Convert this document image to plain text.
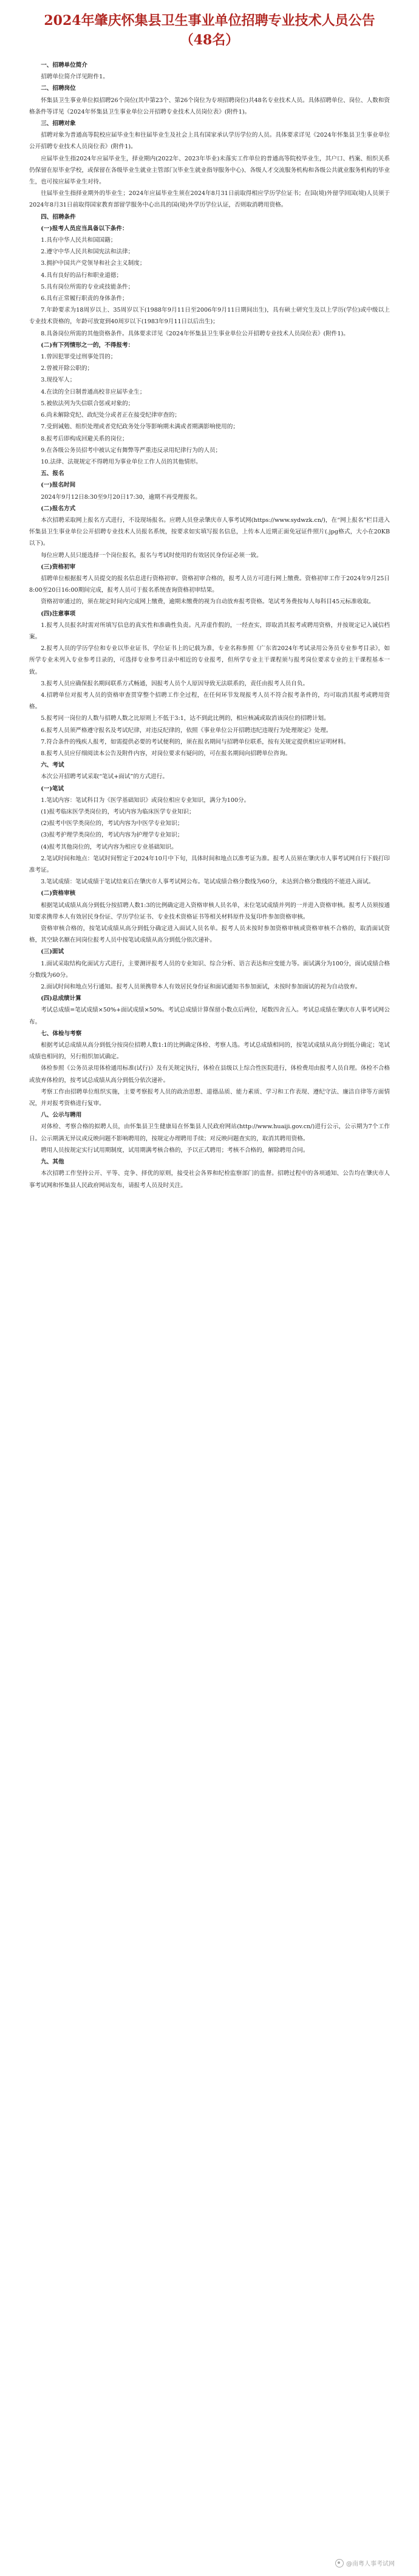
2024年肇庆怀集县卫生事业单位招聘专业技术人员公告（48名）

一、招聘单位简介

招聘单位简介详见附件1。

二、招聘岗位

怀集县卫生事业单位拟招聘26个岗位(其中第23个、第26个岗位为专项招聘岗位)共48名专业技术人员。具体招聘单位、岗位、人数和资格条件等详见《2024年怀集县卫生事业单位公开招聘专业技术人员岗位表》(附件1)。

三、招聘对象

招聘对象为普通高等院校应届毕业生和往届毕业生及社会上具有国家承认学历学位的人员。具体要求详见《2024年怀集县卫生事业单位公开招聘专业技术人员岗位表》(附件1)。

应届毕业生指2024年应届毕业生，择业期内(2022年、2023年毕业)未落实工作单位的普通高等院校毕业生，其户口、档案、组织关系仍保留在原毕业学校，或保留在各级毕业生就业主管部门(毕业生就业指导服务中心)、各级人才交流服务机构和各级公共就业服务机构的毕业生，也可按应届毕业生对待。

往届毕业生指择业期外的毕业生；2024年应届毕业生须在2024年8月31日前取得相应学历学位证书；在国(境)外留学回国(境)人员须于2024年8月31日前取得国家教育部留学服务中心出具的国(境)外学历学位认证，否则取消聘用资格。

四、招聘条件

(一)报考人员应当具备以下条件：

1.具有中华人民共和国国籍；

2.遵守中华人民共和国宪法和法律；

3.拥护中国共产党领导和社会主义制度；

4.具有良好的品行和职业道德；

5.具有岗位所需的专业或技能条件；

6.具有正常履行职责的身体条件；

7.年龄要求为18周岁以上、35周岁以下(1988年9月11日至2006年9月11日期间出生)，具有硕士研究生及以上学历(学位)或中级以上专业技术资格的，年龄可放宽到40周岁以下(1983年9月11日以后出生)；

8.具备岗位所需的其他资格条件。具体要求详见《2024年怀集县卫生事业单位公开招聘专业技术人员岗位表》(附件1)。

(二)有下列情形之一的，不得报考：

1.曾因犯罪受过刑事处罚的；

2.曾被开除公职的；

3.现役军人；

4.在读的全日制普通高校非应届毕业生；

5.被依法列为失信联合惩戒对象的；

6.尚未解除党纪、政纪处分或者正在接受纪律审查的；

7.受到诫勉、组织处理或者党纪政务处分等影响期未满或者期满影响使用的；

8.报考后即构成回避关系的岗位；

9.在各级公务员招考中被认定有舞弊等严重违反录用纪律行为的人员；

10.法律、法规规定不得聘用为事业单位工作人员的其他情形。

五、报名

(一)报名时间

2024年9月12日8:30至9月20日17:30，逾期不再受理报名。

(二)报名方式

本次招聘采取网上报名方式进行，不设现场报名。应聘人员登录肇庆市人事考试网(https://www.sydwzk.cn/)，在“网上报名”栏目进入怀集县卫生事业单位公开招聘专业技术人员报名系统，按要求如实填写报名信息，上传本人近期正面免冠证件照片(.jpg格式，大小在20KB以下)。

每位应聘人员只能选择一个岗位报名，报名与考试时使用的有效居民身份证必须一致。

(三)资格初审

招聘单位根据报考人员提交的报名信息进行资格初审。资格初审合格的，报考人员方可进行网上缴费。资格初审工作于2024年9月25日8:00至20日16:00期间完成，报考人员可于报名系统查询资格初审结果。

资格初审通过的，须在规定时间内完成网上缴费，逾期未缴费的视为自动放弃报考资格。笔试考务费按每人每科目45元标准收取。

(四)注意事项

1.报考人员报名时需对所填写信息的真实性和准确性负责。凡弄虚作假的，一经查实，即取消其报考或聘用资格，并按规定记入诚信档案。

2.报考人员的学历学位和专业以毕业证书、学位证书上的记载为准，专业名称参照《广东省2024年考试录用公务员专业参考目录》，如所学专业未列入专业参考目录的，可选择专业参考目录中相近的专业报考，但所学专业主干课程须与报考岗位要求专业的主干课程基本一致。

3.报考人员应确保报名期间联系方式畅通，因报考人员个人原因导致无法联系的，责任由报考人员自负。

4.招聘单位对报考人员的资格审查贯穿整个招聘工作全过程，在任何环节发现报考人员不符合报考条件的，均可取消其报考或聘用资格。

5.报考同一岗位的人数与招聘人数之比原则上不低于3:1，达不到此比例的，相应核减或取消该岗位的招聘计划。

6.报考人员须严格遵守报名及考试纪律，对违反纪律的，依照《事业单位公开招聘违纪违规行为处理规定》处理。

7.符合条件的残疾人报考，如需提供必要的考试便利的，须在报名期间与招聘单位联系，按有关规定提供相应证明材料。

8.报考人员应仔细阅读本公告及附件内容，对岗位要求有疑问的，可在报名期间向招聘单位咨询。

六、考试

本次公开招聘考试采取“笔试+面试”的方式进行。

(一)笔试

1.笔试内容：笔试科目为《医学基础知识》或岗位相应专业知识，满分为100分。

(1)报考临床医学类岗位的，考试内容为临床医学专业知识；

(2)报考中医学类岗位的，考试内容为中医学专业知识；

(3)报考护理学类岗位的，考试内容为护理学专业知识；

(4)报考其他岗位的，考试内容为相应专业基础知识。

2.笔试时间和地点：笔试时间暂定于2024年10月中下旬，具体时间和地点以准考证为准。报考人员须在肇庆市人事考试网自行下载打印准考证。

3.笔试成绩：笔试成绩于笔试结束后在肇庆市人事考试网公布。笔试成绩合格分数线为60分，未达到合格分数线的不能进入面试。

(二)资格审核

根据笔试成绩从高分到低分按招聘人数1:3的比例确定进入资格审核人员名单，末位笔试成绩并列的一并进入资格审核。报考人员须按通知要求携带本人有效居民身份证、学历学位证书、专业技术资格证书等相关材料原件及复印件参加资格审核。

资格审核合格的，按笔试成绩从高分到低分确定进入面试人员名单。报考人员未按时参加资格审核或资格审核不合格的，取消面试资格，其空缺名额在同岗位报考人员中按笔试成绩从高分到低分依次递补。

(三)面试

1.面试采取结构化面试方式进行，主要测评报考人员的专业知识、综合分析、语言表达和应变能力等。面试满分为100分，面试成绩合格分数线为60分。

2.面试时间和地点另行通知。报考人员须携带本人有效居民身份证和面试通知书参加面试，未按时参加面试的视为自动放弃。

(四)总成绩计算

考试总成绩=笔试成绩×50%+面试成绩×50%。考试总成绩计算保留小数点后两位，尾数四舍五入。考试总成绩在肇庆市人事考试网公布。

七、体检与考察

根据考试总成绩从高分到低分按岗位招聘人数1:1的比例确定体检、考察人选。考试总成绩相同的，按笔试成绩从高分到低分确定；笔试成绩也相同的，另行组织加试确定。

体检参照《公务员录用体检通用标准(试行)》及有关规定执行，体检在县级以上综合性医院进行，体检费用由报考人员自理。体检不合格或放弃体检的，按考试总成绩从高分到低分依次递补。

考察工作由招聘单位组织实施，主要考察报考人员的政治思想、道德品质、能力素质、学习和工作表现、遵纪守法、廉洁自律等方面情况，并对报考资格进行复审。

八、公示与聘用

对体检、考察合格的拟聘人员，由怀集县卫生健康局在怀集县人民政府网站(http://www.huaiji.gov.cn/)进行公示，公示期为7个工作日。公示期满无异议或反映问题不影响聘用的，按规定办理聘用手续；对反映问题查实的，取消其聘用资格。

聘用人员按规定实行试用期制度，试用期满考核合格的，予以正式聘用；考核不合格的，解除聘用合同。

九、其他

本次招聘工作坚持公开、平等、竞争、择优的原则，接受社会各界和纪检监察部门的监督。招聘过程中的各项通知、公告均在肇庆市人事考试网和怀集县人民政府网站发布，请报考人员及时关注。

@南粤人事考试网
